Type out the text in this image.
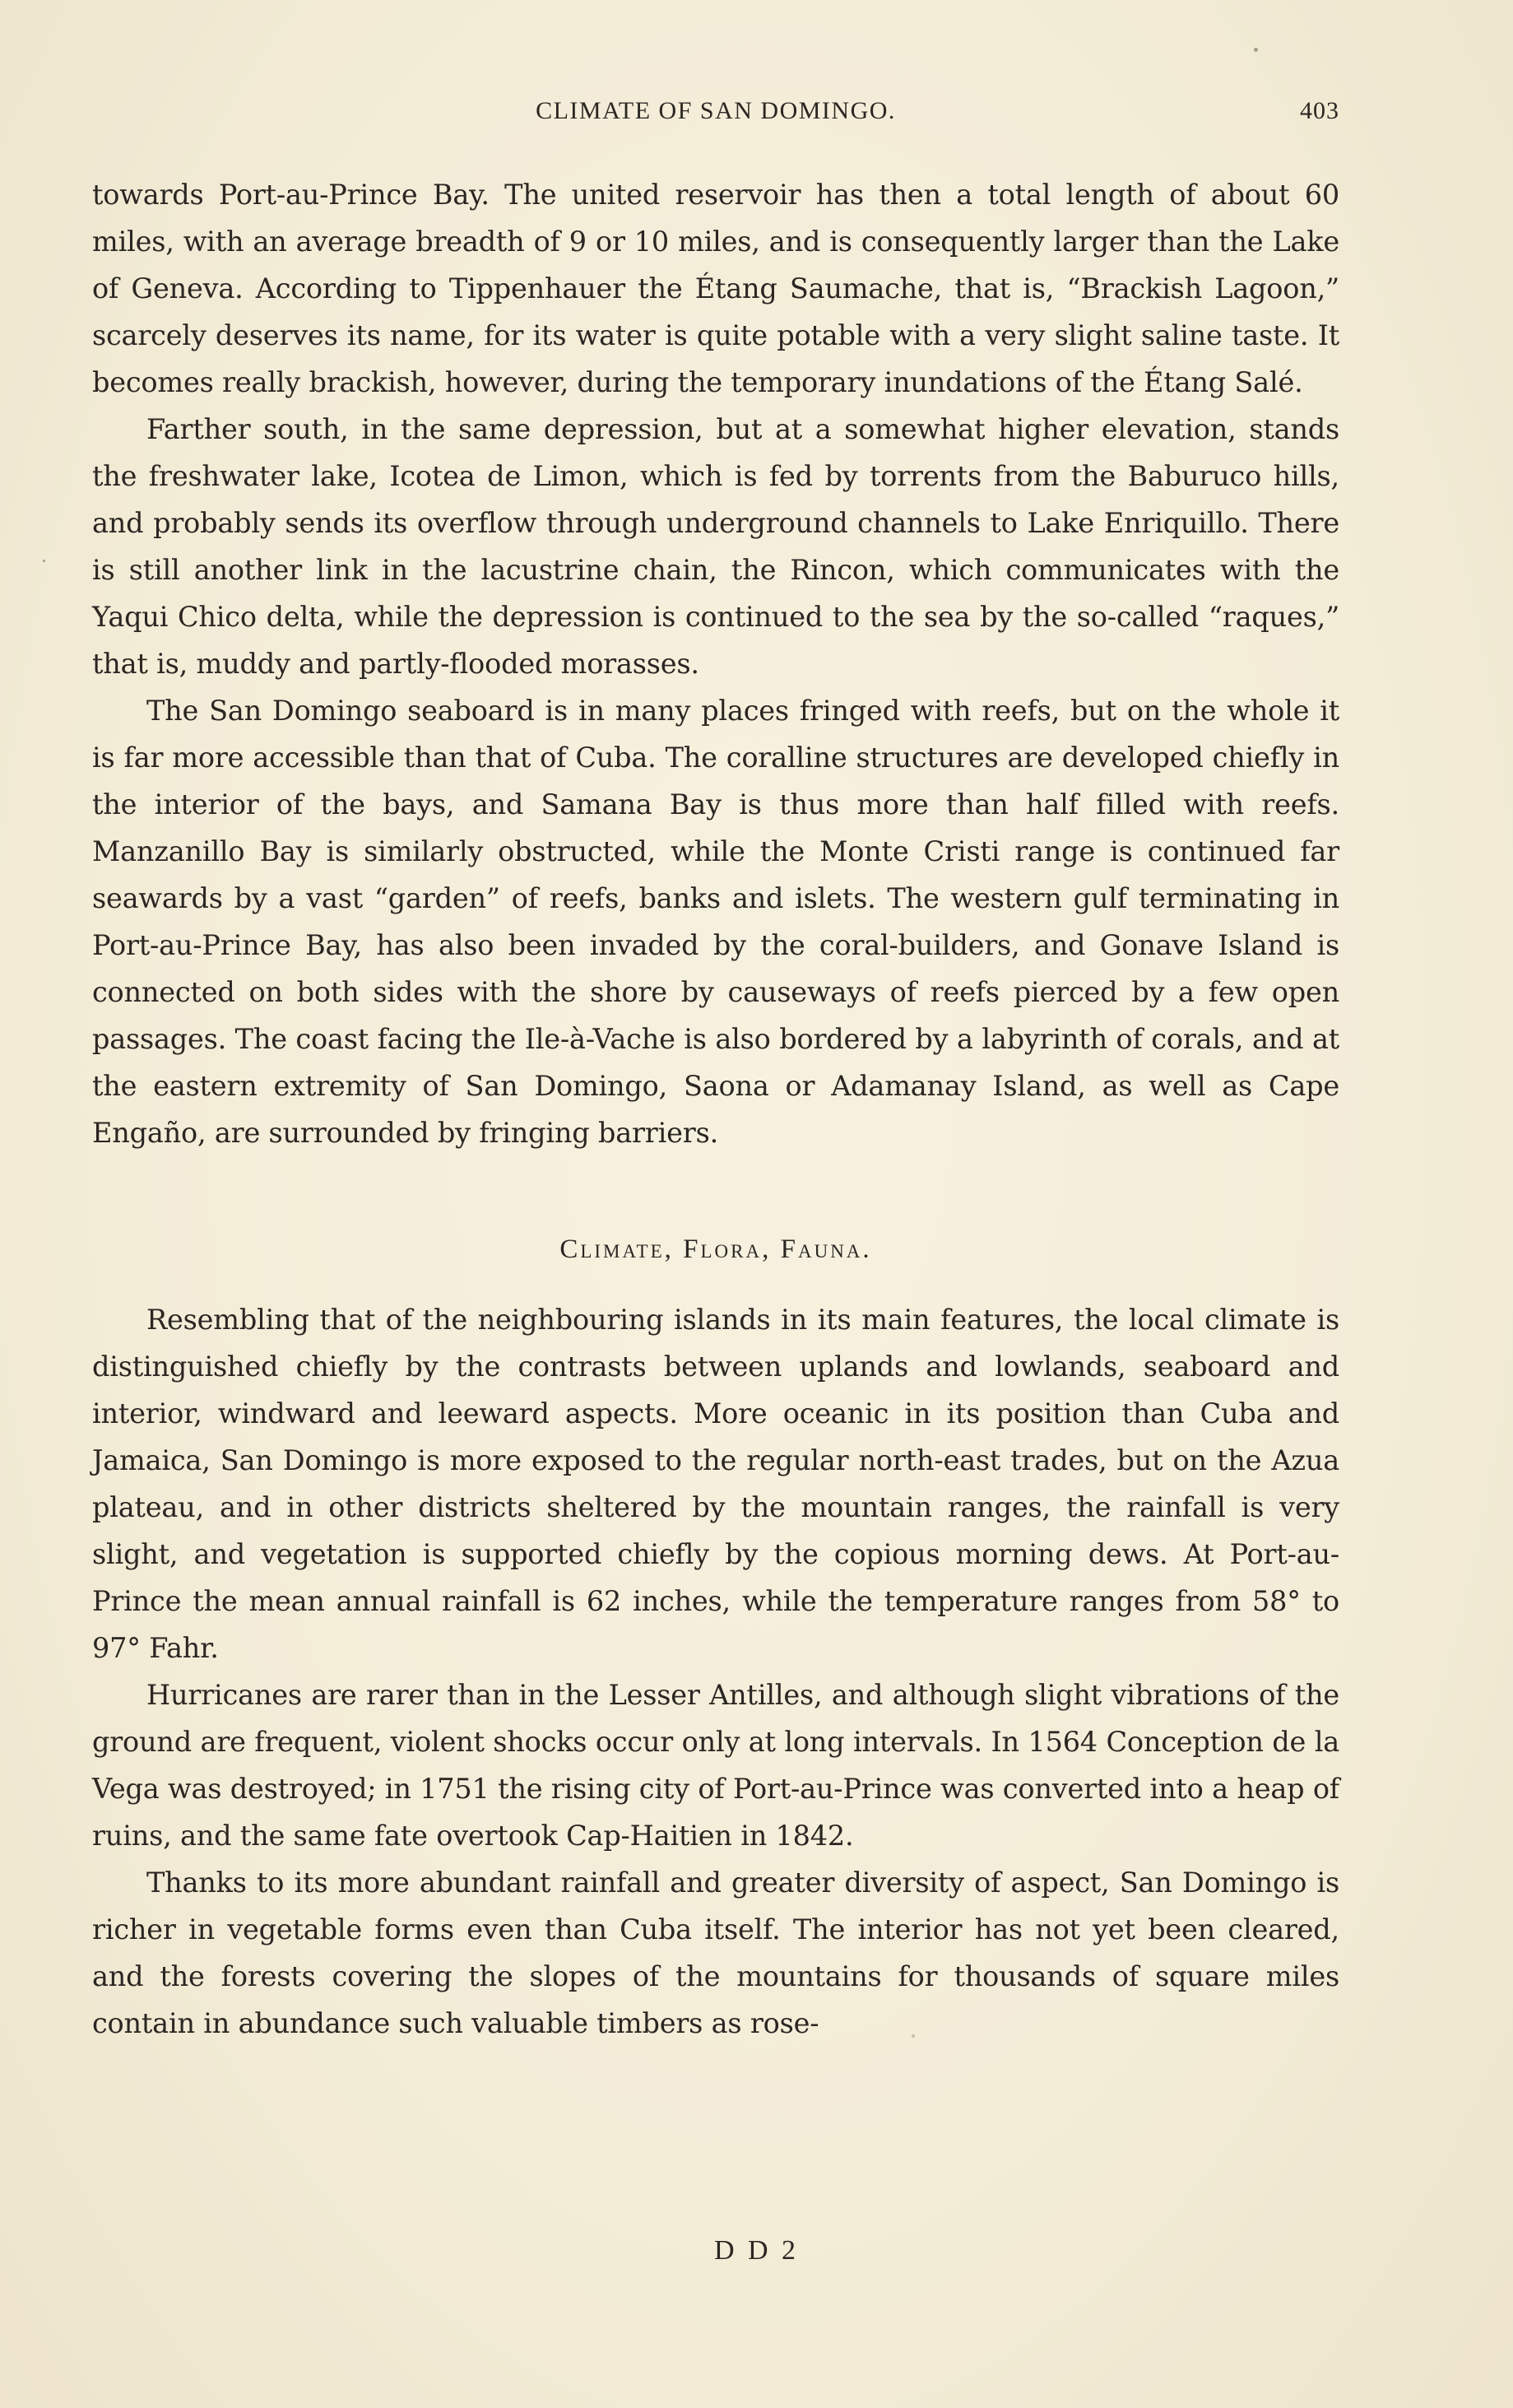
CLIMATE OF SAN DOMINGO.	403

towards Port-au-Prince Bay. The united reservoir has then a total length of about 60 miles, with an average breadth of 9 or 10 miles, and is consequently larger than the Lake of Geneva. According to Tippenhauer the Étang Saumache, that is, “Brackish Lagoon,” scarcely deserves its name, for its water is quite potable with a very slight saline taste. It becomes really brackish, however, during the temporary inundations of the Étang Salé.

Farther south, in the same depression, but at a somewhat higher elevation, stands the freshwater lake, Icotea de Limon, which is fed by torrents from the Baburuco hills, and probably sends its overflow through underground channels to Lake Enriquillo. There is still another link in the lacustrine chain, the Rincon, which communicates with the Yaqui Chico delta, while the depression is continued to the sea by the so-called “raques,” that is, muddy and partly-flooded morasses.

The San Domingo seaboard is in many places fringed with reefs, but on the whole it is far more accessible than that of Cuba. The coralline structures are developed chiefly in the interior of the bays, and Samana Bay is thus more than half filled with reefs. Manzanillo Bay is similarly obstructed, while the Monte Cristi range is continued far seawards by a vast “garden” of reefs, banks and islets. The western gulf terminating in Port-au-Prince Bay, has also been invaded by the coral-builders, and Gonave Island is connected on both sides with the shore by causeways of reefs pierced by a few open passages. The coast facing the Ile-à-Vache is also bordered by a labyrinth of corals, and at the eastern extremity of San Domingo, Saona or Adamanay Island, as well as Cape Engaño, are surrounded by fringing barriers.

Climate, Flora, Fauna.

Resembling that of the neighbouring islands in its main features, the local climate is distinguished chiefly by the contrasts between uplands and lowlands, seaboard and interior, windward and leeward aspects. More oceanic in its position than Cuba and Jamaica, San Domingo is more exposed to the regular north-east trades, but on the Azua plateau, and in other districts sheltered by the mountain ranges, the rainfall is very slight, and vegetation is supported chiefly by the copious morning dews. At Port-au-Prince the mean annual rainfall is 62 inches, while the temperature ranges from 58° to 97° Fahr.

Hurricanes are rarer than in the Lesser Antilles, and although slight vibrations of the ground are frequent, violent shocks occur only at long intervals. In 1564 Conception de la Vega was destroyed; in 1751 the rising city of Port-au-Prince was converted into a heap of ruins, and the same fate overtook Cap-Haitien in 1842.

Thanks to its more abundant rainfall and greater diversity of aspect, San Domingo is richer in vegetable forms even than Cuba itself. The interior has not yet been cleared, and the forests covering the slopes of the mountains for thousands of square miles contain in abundance such valuable timbers as rose-

D D 2
